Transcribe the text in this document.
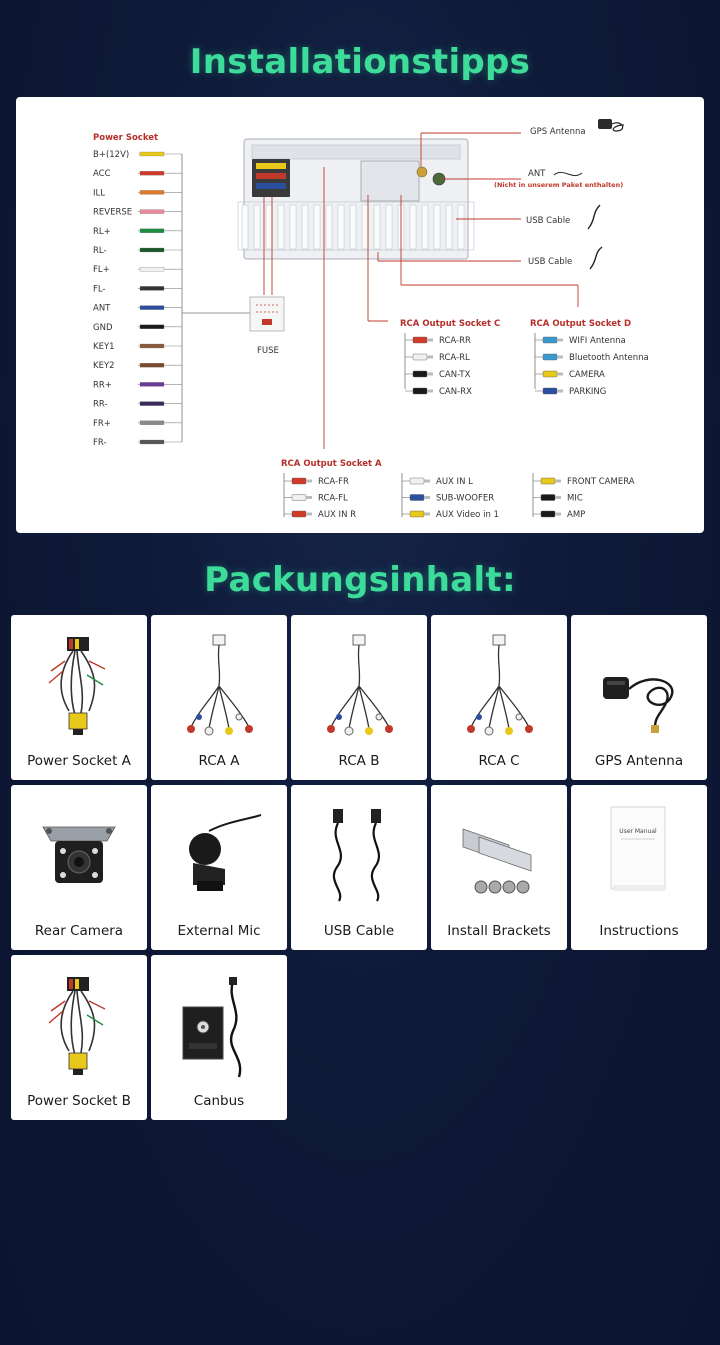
Installationstipps
Power Socket
B+(12V)
ACC
ILL
REVERSE
RL+
RL-
FL+
FL-
ANT
GND
KEY1
KEY2
RR+
RR-
FR+
FR-
FUSE
GPS Antenna
ANT
(Nicht in unserem Paket enthalten)
USB Cable
USB Cable
RCA Output Socket C
RCA-RR
RCA-RL
CAN-TX
CAN-RX
RCA Output Socket D
WIFI Antenna
Bluetooth Antenna
CAMERA
PARKING
RCA Output Socket A
RCA-FR
RCA-FL
AUX IN R
AUX IN L
SUB-WOOFER
AUX Video in 1
FRONT CAMERA
MIC
AMP
Packungsinhalt:
Power Socket A	RCA A	RCA B	RCA C	GPS Antenna
Rear Camera	External Mic	USB Cable	Install Brackets
User Manual
Instructions
Power Socket B	Canbus
